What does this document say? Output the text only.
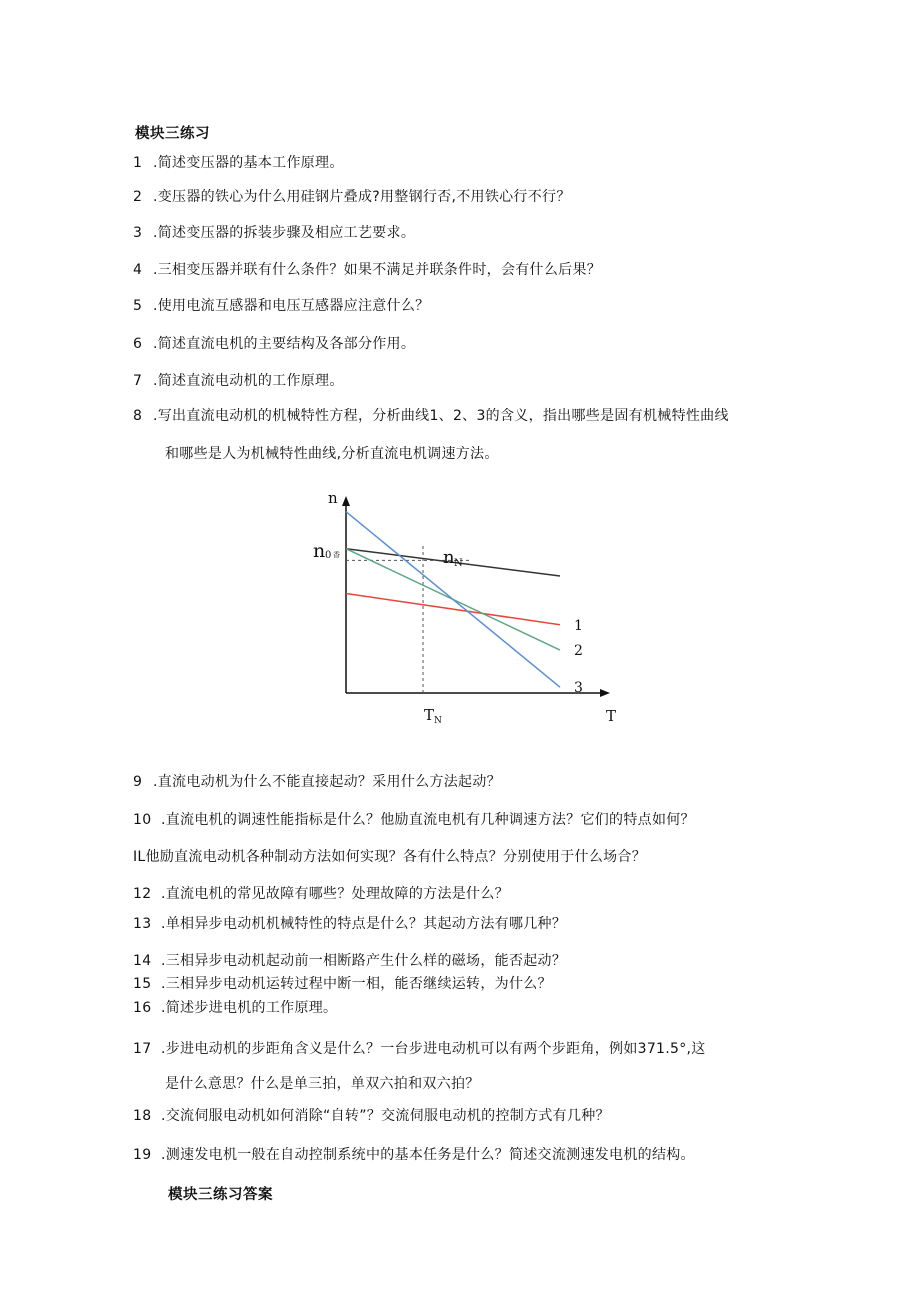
模块三练习
1 .简述变压器的基本工作原理。
2 .变压器的铁心为什么用硅钢片叠成?用整钢行否,不用铁心行不行？
3 .简述变压器的拆装步骤及相应工艺要求。
4 .三相变压器并联有什么条件？如果不满足并联条件时，会有什么后果？
5 .使用电流互感器和电压互感器应注意什么？
6 .简述直流电机的主要结构及各部分作用。
7 .简述直流电动机的工作原理。
8 .写出直流电动机的机械特性方程，分析曲线1、2、3的含义，指出哪些是固有机械特性曲线
和哪些是人为机械特性曲线,分析直流电机调速方法。
9 .直流电动机为什么不能直接起动？采用什么方法起动？
10 .直流电机的调速性能指标是什么？他励直流电机有几种调速方法？它们的特点如何？
IL他励直流电动机各种制动方法如何实现？各有什么特点？分别使用于什么场合？
12 .直流电机的常见故障有哪些？处理故障的方法是什么？
13 .单相异步电动机机械特性的特点是什么？其起动方法有哪几种？
14 .三相异步电动机起动前一相断路产生什么样的磁场，能否起动？
15 .三相异步电动机运转过程中断一相，能否继续运转，为什么？
16 .简述步进电机的工作原理。
17 .步进电动机的步距角含义是什么？一台步进电动机可以有两个步距角，例如371.5°,这
是什么意思？什么是单三拍，单双六拍和双六拍？
18 .交流伺服电动机如何消除“自转”？交流伺服电动机的控制方式有几种？
19 .测速发电机一般在自动控制系统中的基本任务是什么？简述交流测速发电机的结构。
1
2
3
n
T
n 0 香	n N
T N
模块三练习答案
